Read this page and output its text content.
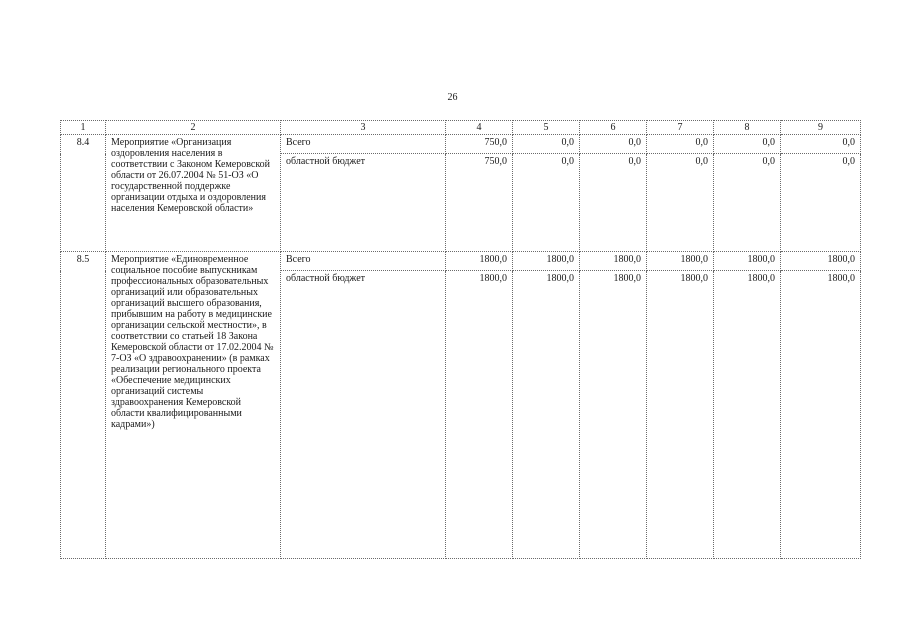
26
1	2	3	4	5	6	7	8	9
8.4	Мероприятие «Организация оздоровления населения в соответствии с Законом Кемеровской области от 26.07.2004 № 51-ОЗ «О государственной поддержке организации отдыха и оздоровления населения Кемеровской области»	Всего	750,0	0,0	0,0	0,0	0,0	0,0
		областной бюджет	750,0	0,0	0,0	0,0	0,0	0,0
8.5	Мероприятие «Единовременное социальное пособие выпускникам профессиональных образовательных организаций или образовательных организаций высшего образования, прибывшим на работу в медицинские организации сельской местности», в соответствии со статьей 18 Закона Кемеровской области от 17.02.2004 № 7-ОЗ «О здравоохранении» (в рамках реализации регионального проекта «Обеспечение медицинских организаций системы здравоохранения Кемеровской области квалифицированными кадрами»)	Всего	1800,0	1800,0	1800,0	1800,0	1800,0	1800,0
		областной бюджет	1800,0	1800,0	1800,0	1800,0	1800,0	1800,0
